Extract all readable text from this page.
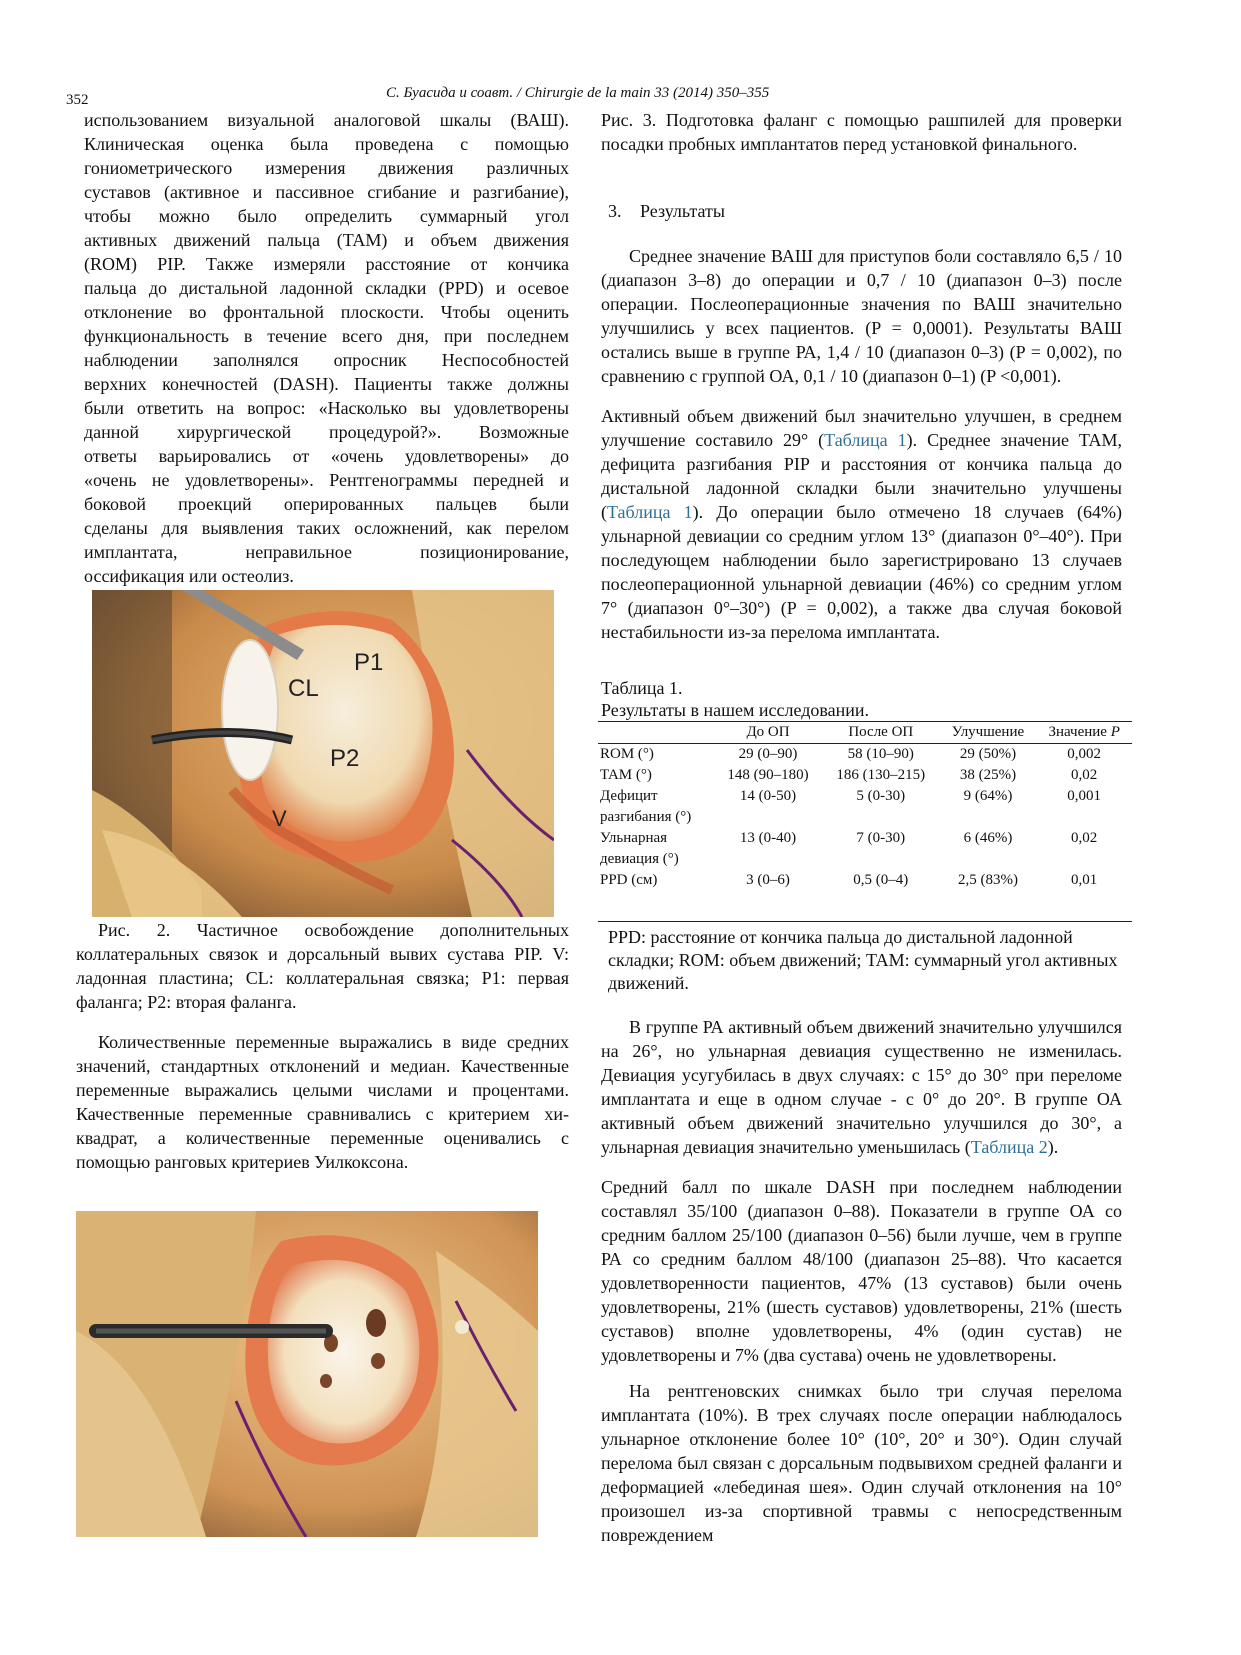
352	С. Буасида и соавт. / Chirurgie de la main 33 (2014) 350–355
использованием визуальной аналоговой шкалы (ВАШ).
Клиническая оценка была проведена с помощью
гониометрического измерения движения различных
суставов (активное и пассивное сгибание и разгибание),
чтобы можно было определить суммарный угол
активных движений пальца (TAM) и объем движения
(ROM) PIP. Также измеряли расстояние от кончика
пальца до дистальной ладонной складки (PPD) и осевое
отклонение во фронтальной плоскости. Чтобы оценить
функциональность в течение всего дня, при последнем
наблюдении заполнялся опросник Неспособностей
верхних конечностей (DASH). Пациенты также должны
были ответить на вопрос: «Насколько вы удовлетворены
данной хирургической процедурой?». Возможные
ответы варьировались от «очень удовлетворены» до
«очень не удовлетворены». Рентгенограммы передней и
боковой проекций оперированных пальцев были
сделаны для выявления таких осложнений, как перелом
имплантата, неправильное позиционирование,
оссификация или остеолиз.
P1
CL
P2
V
Рис. 2. Частичное освобождение дополнительных коллатеральных связок и дорсальный вывих сустава PIP. V: ладонная пластина; CL: коллатеральная связка; P1: первая фаланга; P2: вторая фаланга.
Количественные переменные выражались в виде средних значений, стандартных отклонений и медиан. Качественные переменные выражались целыми числами и процентами. Качественные переменные сравнивались с критерием хи-квадрат, а количественные переменные оценивались с помощью ранговых критериев Уилкоксона.
Рис. 3. Подготовка фаланг с помощью рашпилей для проверки посадки пробных имплантатов перед установкой финального.
3. Результаты
Среднее значение ВАШ для приступов боли составляло 6,5 / 10 (диапазон 3–8) до операции и 0,7 / 10 (диапазон 0–3) после операции. Послеоперационные значения по ВАШ значительно улучшились у всех пациентов. (P = 0,0001). Результаты ВАШ остались выше в группе РА, 1,4 / 10 (диапазон 0–3) (P = 0,002), по сравнению с группой ОА, 0,1 / 10 (диапазон 0–1) (P <0,001).
Активный объем движений был значительно улучшен, в среднем улучшение составило 29° (Таблица 1). Среднее значение TAM, дефицита разгибания PIP и расстояния от кончика пальца до дистальной ладонной складки были значительно улучшены (Таблица 1). До операции было отмечено 18 случаев (64%) ульнарной девиации со средним углом 13° (диапазон 0°–40°). При последующем наблюдении было зарегистрировано 13 случаев послеоперационной ульнарной девиации (46%) со средним углом 7° (диапазон 0°–30°) (P = 0,002), а также два случая боковой нестабильности из-за перелома имплантата.
Таблица 1.
Результаты в нашем исследовании.
	До ОП	После ОП	Улучшение	Значение P
ROM (°)	29 (0–90)	58 (10–90)	29 (50%)	0,002
TAM (°)	148 (90–180)	186 (130–215)	38 (25%)	0,02
Дефицит разгибания (°)	14 (0-50)	5 (0-30)	9 (64%)	0,001
Ульнарная девиация (°)	13 (0-40)	7 (0-30)	6 (46%)	0,02
PPD (см)	3 (0–6)	0,5 (0–4)	2,5 (83%)	0,01
PPD: расстояние от кончика пальца до дистальной ладонной складки; ROM: объем движений; TAM: суммарный угол активных движений.
В группе РА активный объем движений значительно улучшился на 26°, но ульнарная девиация существенно не изменилась. Девиация усугубилась в двух случаях: с 15° до 30° при переломе имплантата и еще в одном случае - с 0° до 20°. В группе ОА активный объем движений значительно улучшился до 30°, а ульнарная девиация значительно уменьшилась (Таблица 2).
Средний балл по шкале DASH при последнем наблюдении составлял 35/100 (диапазон 0–88). Показатели в группе ОА со средним баллом 25/100 (диапазон 0–56) были лучше, чем в группе РА со средним баллом 48/100 (диапазон 25–88). Что касается удовлетворенности пациентов, 47% (13 суставов) были очень удовлетворены, 21% (шесть суставов) удовлетворены, 21% (шесть суставов) вполне удовлетворены, 4% (один сустав) не удовлетворены и 7% (два сустава) очень не удовлетворены.
На рентгеновских снимках было три случая перелома имплантата (10%). В трех случаях после операции наблюдалось ульнарное отклонение более 10° (10°, 20° и 30°). Один случай перелома был связан с дорсальным подвывихом средней фаланги и деформацией «лебединая шея». Один случай отклонения на 10° произошел из-за спортивной травмы с непосредственным повреждением
